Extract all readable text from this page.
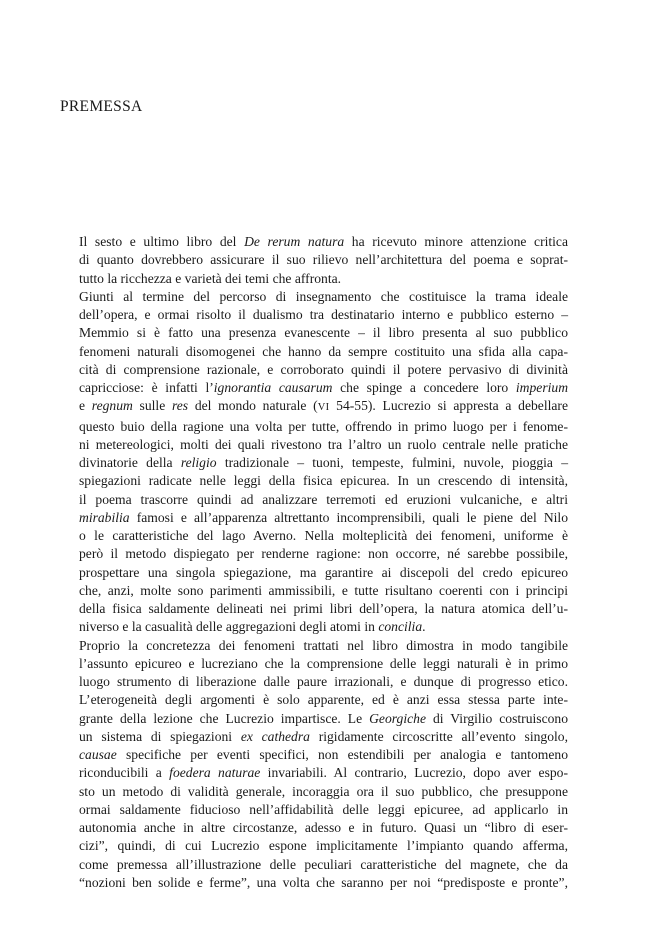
PREMESSA

Il sesto e ultimo libro del De rerum natura ha ricevuto minore attenzione critica
di quanto dovrebbero assicurare il suo rilievo nell’architettura del poema e soprat-
tutto la ricchezza e varietà dei temi che affronta.

Giunti al termine del percorso di insegnamento che costituisce la trama ideale
dell’opera, e ormai risolto il dualismo tra destinatario interno e pubblico esterno –
Memmio si è fatto una presenza evanescente – il libro presenta al suo pubblico
fenomeni naturali disomogenei che hanno da sempre costituito una sfida alla capa-
cità di comprensione razionale, e corroborato quindi il potere pervasivo di divinità
capricciose: è infatti l’ignorantia causarum che spinge a concedere loro imperium
e regnum sulle res del mondo naturale (VI 54-55). Lucrezio si appresta a debellare
questo buio della ragione una volta per tutte, offrendo in primo luogo per i fenome-
ni metereologici, molti dei quali rivestono tra l’altro un ruolo centrale nelle pratiche
divinatorie della religio tradizionale – tuoni, tempeste, fulmini, nuvole, pioggia –
spiegazioni radicate nelle leggi della fisica epicurea. In un crescendo di intensità,
il poema trascorre quindi ad analizzare terremoti ed eruzioni vulcaniche, e altri
mirabilia famosi e all’apparenza altrettanto incomprensibili, quali le piene del Nilo
o le caratteristiche del lago Averno. Nella molteplicità dei fenomeni, uniforme è
però il metodo dispiegato per renderne ragione: non occorre, né sarebbe possibile,
prospettare una singola spiegazione, ma garantire ai discepoli del credo epicureo
che, anzi, molte sono parimenti ammissibili, e tutte risultano coerenti con i principi
della fisica saldamente delineati nei primi libri dell’opera, la natura atomica dell’u-
niverso e la casualità delle aggregazioni degli atomi in concilia.

Proprio la concretezza dei fenomeni trattati nel libro dimostra in modo tangibile
l’assunto epicureo e lucreziano che la comprensione delle leggi naturali è in primo
luogo strumento di liberazione dalle paure irrazionali, e dunque di progresso etico.
L’eterogeneità degli argomenti è solo apparente, ed è anzi essa stessa parte inte-
grante della lezione che Lucrezio impartisce. Le Georgiche di Virgilio costruiscono
un sistema di spiegazioni ex cathedra rigidamente circoscritte all’evento singolo,
causae specifiche per eventi specifici, non estendibili per analogia e tantomeno
riconducibili a foedera naturae invariabili. Al contrario, Lucrezio, dopo aver espo-
sto un metodo di validità generale, incoraggia ora il suo pubblico, che presuppone
ormai saldamente fiducioso nell’affidabilità delle leggi epicuree, ad applicarlo in
autonomia anche in altre circostanze, adesso e in futuro. Quasi un “libro di eser-
cizi”, quindi, di cui Lucrezio espone implicitamente l’impianto quando afferma,
come premessa all’illustrazione delle peculiari caratteristiche del magnete, che da
“nozioni ben solide e ferme”, una volta che saranno per noi “predisposte e pronte”,
